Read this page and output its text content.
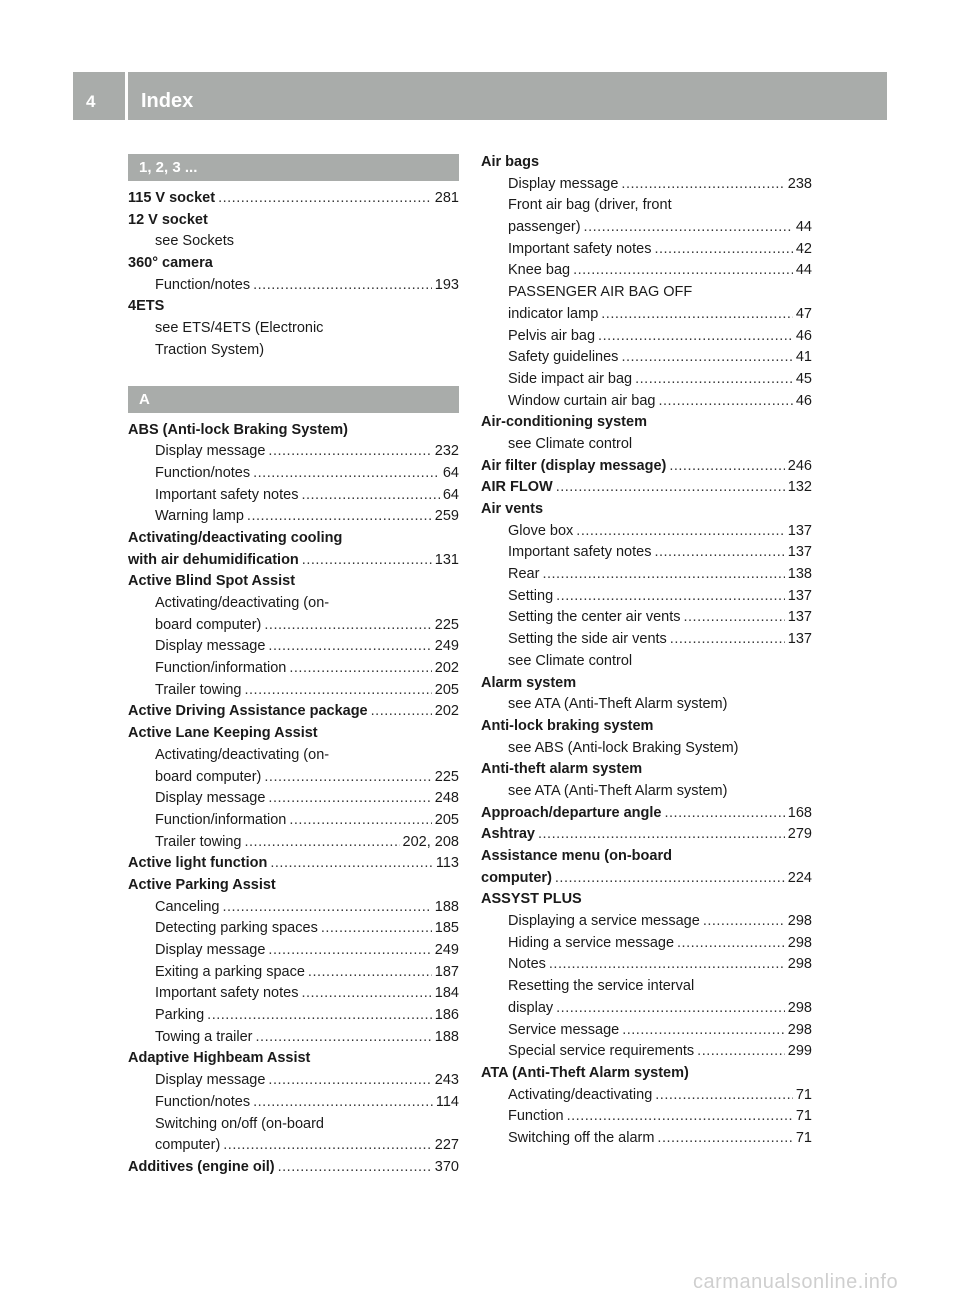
4 Index
1, 2, 3 ...
115 V socket .....	281
12 V socket
see Sockets
360° camera
Function/notes .....	193
4ETS
see ETS/4ETS (Electronic
Traction System)
A
ABS (Anti-lock Braking System)
Display message .....	232
Function/notes .....	64
Important safety notes .....	64
Warning lamp .....	259
Activating/deactivating cooling
with air dehumidification .....	131
Active Blind Spot Assist
Activating/deactivating (on-
board computer) .....	225
Display message .....	249
Function/information .....	202
Trailer towing .....	205
Active Driving Assistance package .....	202
Active Lane Keeping Assist
Activating/deactivating (on-
board computer) .....	225
Display message .....	248
Function/information .....	205
Trailer towing .....	202, 208
Active light function .....	113
Active Parking Assist
Canceling .....	188
Detecting parking spaces .....	185
Display message .....	249
Exiting a parking space .....	187
Important safety notes .....	184
Parking .....	186
Towing a trailer .....	188
Adaptive Highbeam Assist
Display message .....	243
Function/notes .....	114
Switching on/off (on-board
computer) .....	227
Additives (engine oil) .....	370
Air bags
Display message .....	238
Front air bag (driver, front
passenger) .....	44
Important safety notes .....	42
Knee bag .....	44
PASSENGER AIR BAG OFF
indicator lamp .....	47
Pelvis air bag .....	46
Safety guidelines .....	41
Side impact air bag .....	45
Window curtain air bag .....	46
Air-conditioning system
see Climate control
Air filter (display message) .....	246
AIR FLOW .....	132
Air vents
Glove box .....	137
Important safety notes .....	137
Rear .....	138
Setting .....	137
Setting the center air vents .....	137
Setting the side air vents .....	137
see Climate control
Alarm system
see ATA (Anti-Theft Alarm system)
Anti-lock braking system
see ABS (Anti-lock Braking System)
Anti-theft alarm system
see ATA (Anti-Theft Alarm system)
Approach/departure angle .....	168
Ashtray .....	279
Assistance menu (on-board
computer) .....	224
ASSYST PLUS
Displaying a service message .....	298
Hiding a service message .....	298
Notes .....	298
Resetting the service interval
display .....	298
Service message .....	298
Special service requirements .....	299
ATA (Anti-Theft Alarm system)
Activating/deactivating .....	71
Function .....	71
Switching off the alarm .....	71
carmanualsonline.info
